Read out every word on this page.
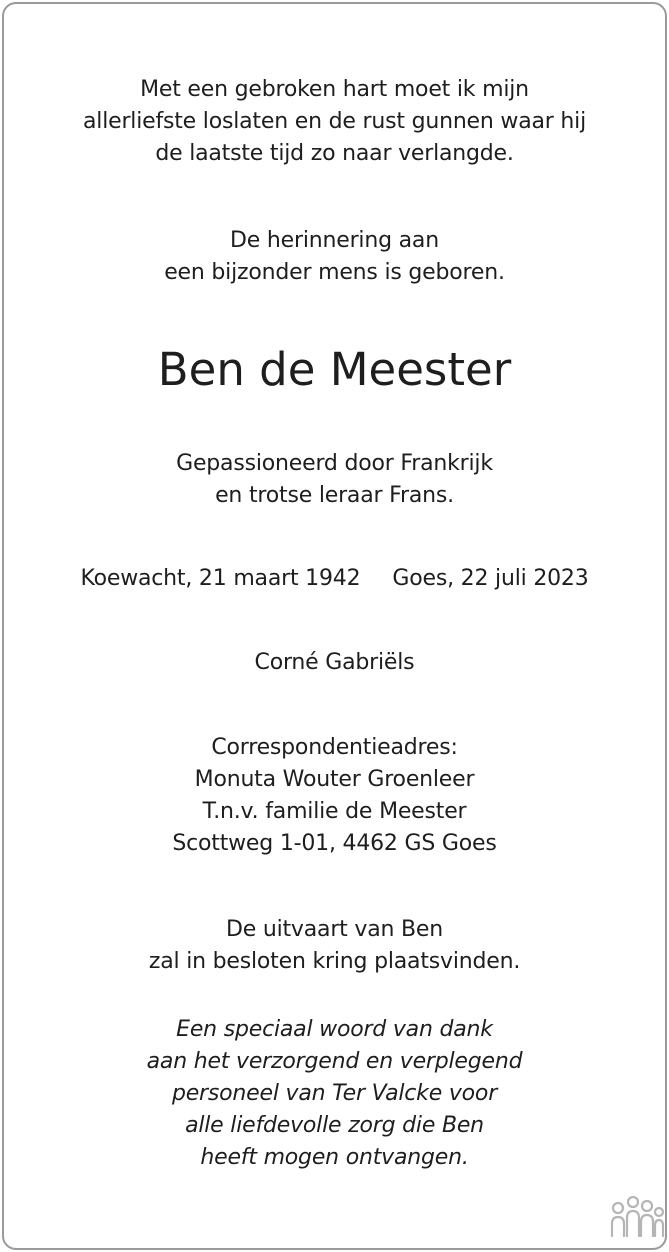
Met een gebroken hart moet ik mijn
allerliefste loslaten en de rust gunnen waar hij
de laatste tijd zo naar verlangde.
De herinnering aan
een bijzonder mens is geboren.
Ben de Meester
Gepassioneerd door Frankrijk
en trotse leraar Frans.
Koewacht, 21 maart 1942 Goes, 22 juli 2023
Corné Gabriëls
Correspondentieadres:
Monuta Wouter Groenleer
T.n.v. familie de Meester
Scottweg 1-01, 4462 GS Goes
De uitvaart van Ben
zal in besloten kring plaatsvinden.
Een speciaal woord van dank
aan het verzorgend en verplegend
personeel van Ter Valcke voor
alle liefdevolle zorg die Ben
heeft mogen ontvangen.
